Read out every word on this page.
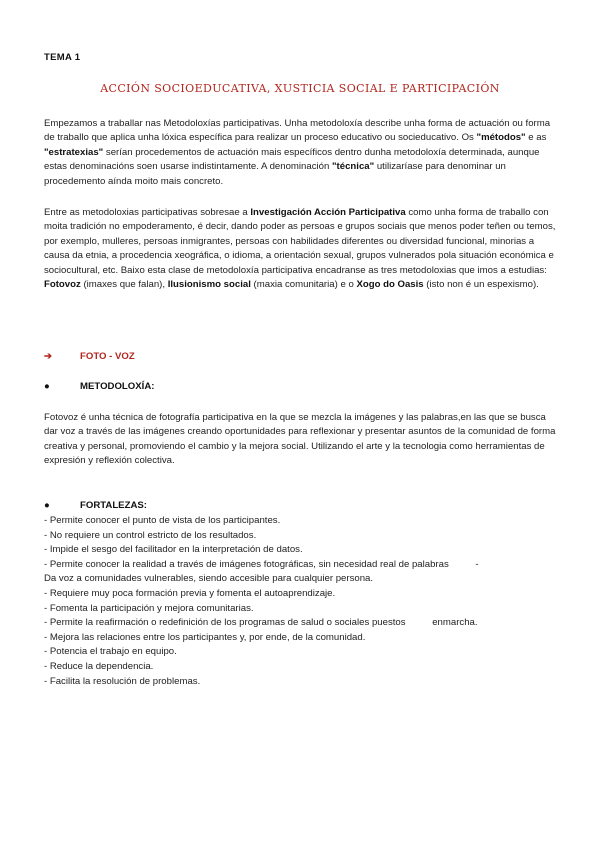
TEMA 1
ACCIÓN SOCIOEDUCATIVA, XUSTICIA SOCIAL E PARTICIPACIÓN

Empezamos a traballar nas Metodoloxías participativas. Unha metodoloxía describe unha forma de actuación ou forma de traballo que aplica unha lóxica específica para realizar un proceso educativo ou socieducativo. Os "métodos" e as "estratexias" serían procedementos de actuación mais específicos dentro dunha metodoloxía determinada, aunque estas denominacións soen usarse indistintamente. A denominación "técnica" utilizaríase para denominar un procedemento aínda moito mais concreto.

Entre as metodoloxias participativas sobresae a Investigación Acción Participativa como unha forma de traballo con moita tradición no empoderamento, é decir, dando poder as persoas e grupos sociais que menos poder teñen ou temos, por exemplo, mulleres, persoas inmigrantes, persoas con habilidades diferentes ou diversidad funcional, minorias a causa da etnia, a procedencia xeográfica, o idioma, a orientación sexual, grupos vulnerados pola situación económica e sociocultural, etc. Baixo esta clase de metodoloxía participativa encadranse as tres metodoloxias que imos a estudias: Fotovoz (imaxes que falan), Ilusionismo social (maxia comunitaria) e o Xogo do Oasis (isto non é un espexismo).

➔	FOTO - VOZ
●	METODOLOXÍA:

Fotovoz é unha técnica de fotografía participativa en la que se mezcla la imágenes y las palabras,en las que se busca dar voz a través de las imágenes creando oportunidades para reflexionar y presentar asuntos de la comunidad de forma creativa y personal, promoviendo el cambio y la mejora social. Utilizando el arte y la tecnologia como herramientas de expresión y reflexión colectiva.

●	FORTALEZAS:
- Permite conocer el punto de vista de los participantes.
- No requiere un control estricto de los resultados.
- Impide el sesgo del facilitador en la interpretación de datos.
- Permite conocer la realidad a través de imágenes fotográficas, sin necesidad real de palabras          -
Da voz a comunidades vulnerables, siendo accesible para cualquier persona.
- Requiere muy poca formación previa y fomenta el autoaprendizaje.
- Fomenta la participación y mejora comunitarias.
- Permite la reafirmación o redefinición de los programas de salud o sociales puestos          enmarcha.
- Mejora las relaciones entre los participantes y, por ende, de la comunidad.
- Potencia el trabajo en equipo.
- Reduce la dependencia.
- Facilita la resolución de problemas.
